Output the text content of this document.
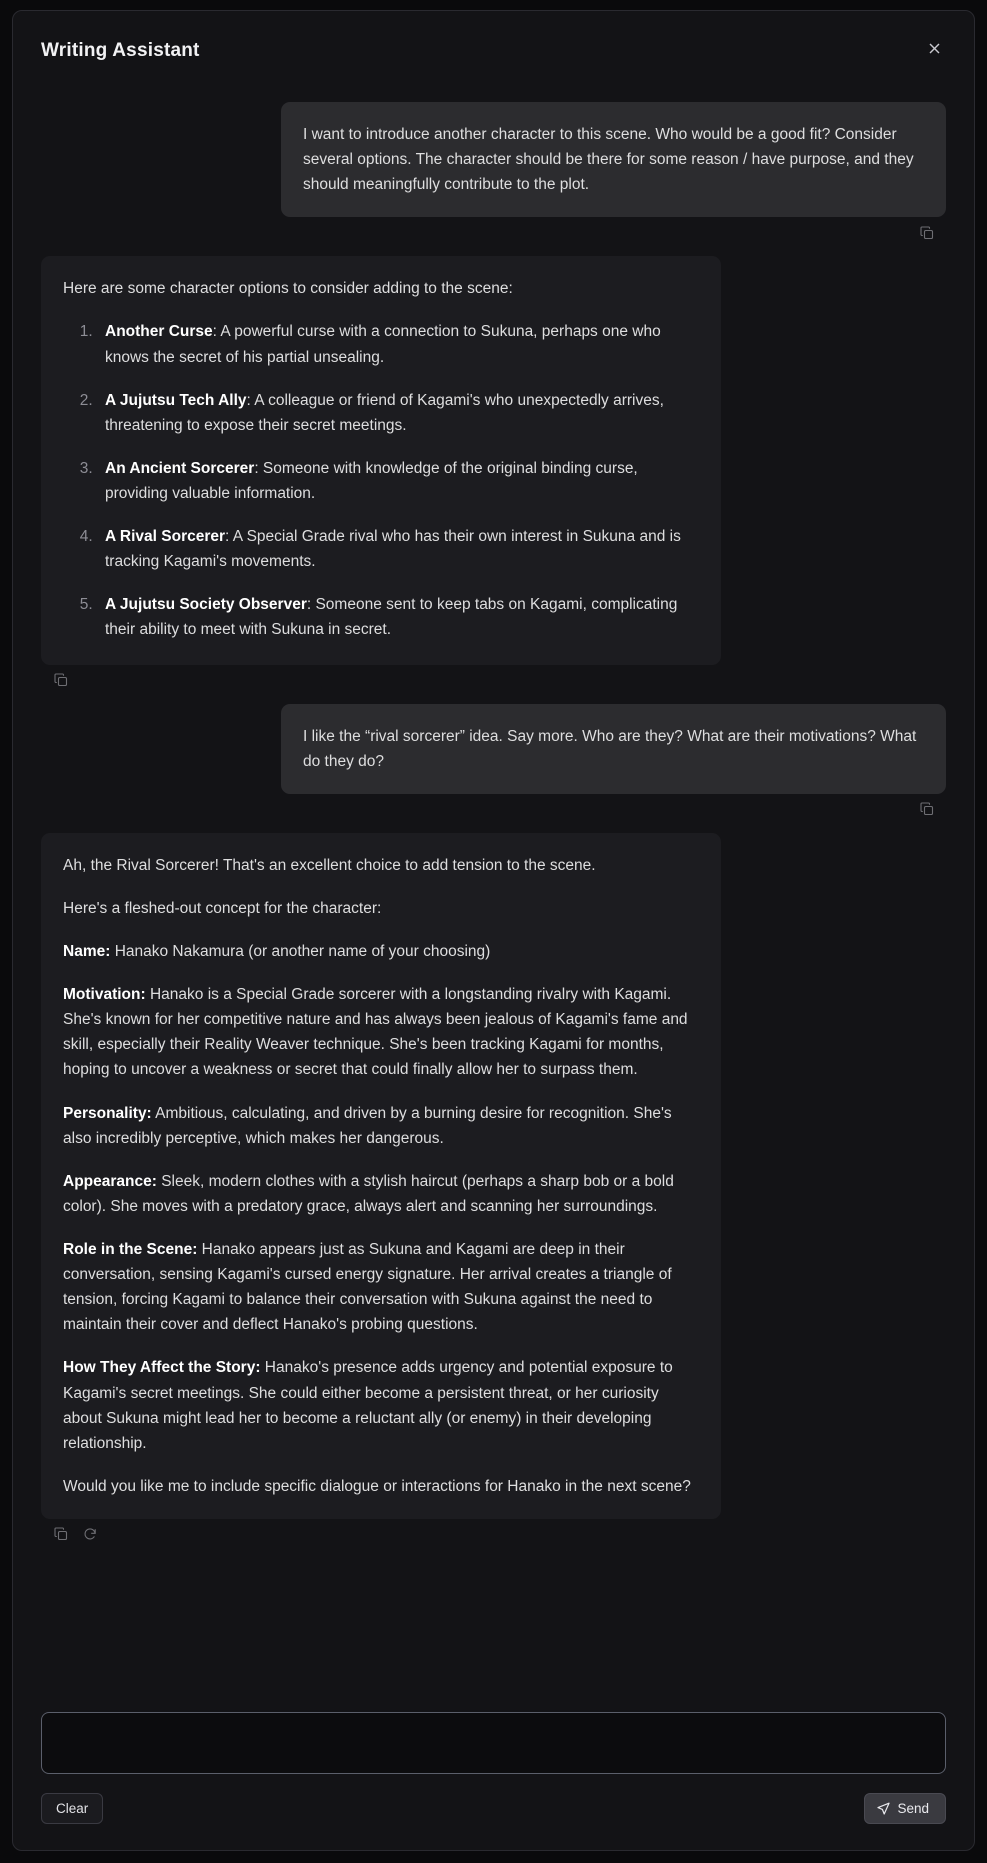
Writing Assistant
I want to introduce another character to this scene. Who would be a good fit? Consider several options. The character should be there for some reason / have purpose, and they should meaningfully contribute to the plot.

Here are some character options to consider adding to the scene:

1. Another Curse: A powerful curse with a connection to Sukuna, perhaps one who knows the secret of his partial unsealing.
2. A Jujutsu Tech Ally: A colleague or friend of Kagami's who unexpectedly arrives, threatening to expose their secret meetings.
3. An Ancient Sorcerer: Someone with knowledge of the original binding curse, providing valuable information.
4. A Rival Sorcerer: A Special Grade rival who has their own interest in Sukuna and is tracking Kagami's movements.
5. A Jujutsu Society Observer: Someone sent to keep tabs on Kagami, complicating their ability to meet with Sukuna in secret.
I like the “rival sorcerer” idea. Say more. Who are they? What are their motivations? What do they do?

Ah, the Rival Sorcerer! That's an excellent choice to add tension to the scene.

Here's a fleshed-out concept for the character:

Name: Hanako Nakamura (or another name of your choosing)

Motivation: Hanako is a Special Grade sorcerer with a longstanding rivalry with Kagami. She's known for her competitive nature and has always been jealous of Kagami's fame and skill, especially their Reality Weaver technique. She's been tracking Kagami for months, hoping to uncover a weakness or secret that could finally allow her to surpass them.

Personality: Ambitious, calculating, and driven by a burning desire for recognition. She's also incredibly perceptive, which makes her dangerous.

Appearance: Sleek, modern clothes with a stylish haircut (perhaps a sharp bob or a bold color). She moves with a predatory grace, always alert and scanning her surroundings.

Role in the Scene: Hanako appears just as Sukuna and Kagami are deep in their conversation, sensing Kagami's cursed energy signature. Her arrival creates a triangle of tension, forcing Kagami to balance their conversation with Sukuna against the need to maintain their cover and deflect Hanako's probing questions.

How They Affect the Story: Hanako's presence adds urgency and potential exposure to Kagami's secret meetings. She could either become a persistent threat, or her curiosity about Sukuna might lead her to become a reluctant ally (or enemy) in their developing relationship.

Would you like me to include specific dialogue or interactions for Hanako in the next scene?

Clear	Send
